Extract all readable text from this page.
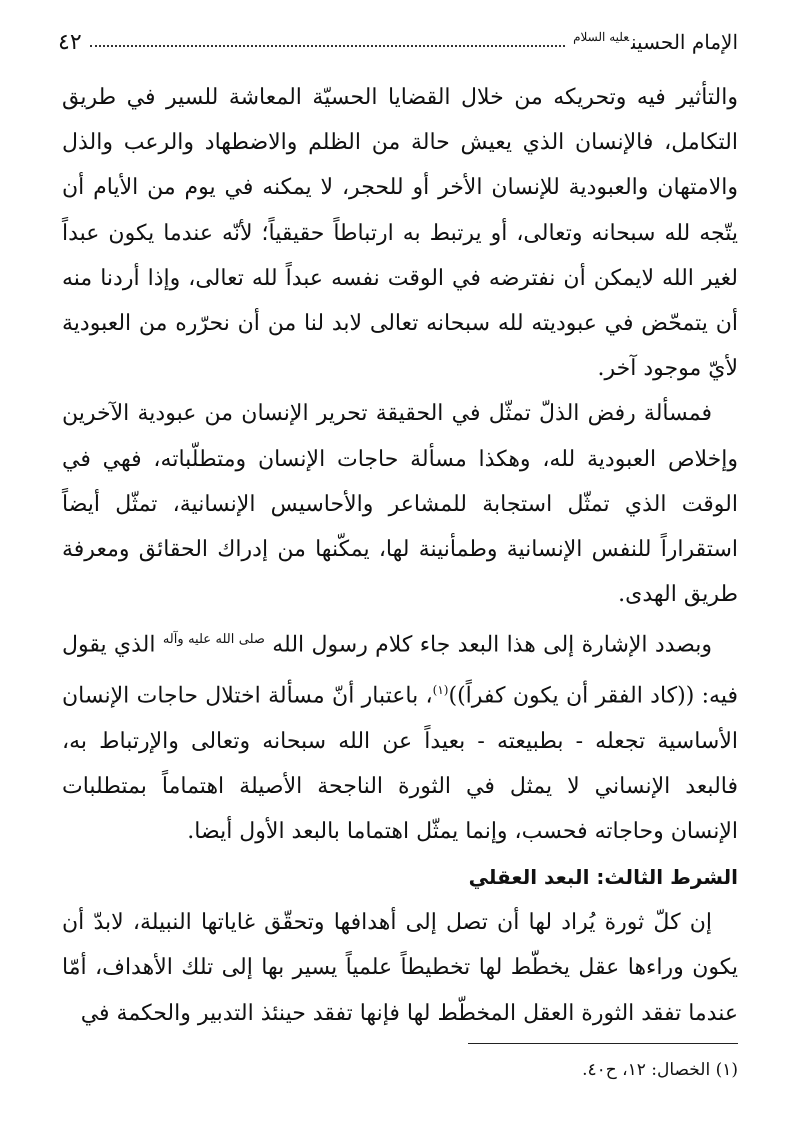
الإمام الحسين$^{عليه السلام}$
٤٢

والتأثير فيه وتحريكه من خلال القضايا الحسيّة المعاشة للسير في طريق التكامل، فالإنسان الذي يعيش حالة من الظلم والاضطهاد والرعب والذل والامتهان والعبودية للإنسان الأخر أو للحجر، لا يمكنه في يوم من الأيام أن يتّجه لله سبحانه وتعالى، أو يرتبط به ارتباطاً حقيقياً؛ لأنّه عندما يكون عبداً لغير الله لايمكن أن نفترضه في الوقت نفسه عبداً لله تعالى، وإذا أردنا منه أن يتمحّض في عبوديته لله سبحانه تعالى لابد لنا من أن نحرّره من العبودية لأيّ موجود آخر.

فمسألة رفض الذلّ تمثّل في الحقيقة تحرير الإنسان من عبودية الآخرين وإخلاص العبودية لله، وهكذا مسألة حاجات الإنسان ومتطلّباته، فهي في الوقت الذي تمثّل استجابة للمشاعر والأحاسيس الإنسانية، تمثّل أيضاً استقراراً للنفس الإنسانية وطمأنينة لها، يمكّنها من إدراك الحقائق ومعرفة طريق الهدى.

وبصدد الإشارة إلى هذا البعد جاء كلام رسول الله $^{صلى الله عليه وآله}$ الذي يقول فيه: ((كاد الفقر أن يكون كفراً))$^{(١)}$، باعتبار أنّ مسألة اختلال حاجات الإنسان الأساسية تجعله - بطبيعته - بعيداً عن الله سبحانه وتعالى والإرتباط به، فالبعد الإنساني لا يمثل في الثورة الناجحة الأصيلة اهتماماً بمتطلبات الإنسان وحاجاته فحسب، وإنما يمثّل اهتماما بالبعد الأول أيضا.

الشرط الثالث: البعد العقلي

إن كلّ ثورة يُراد لها أن تصل إلى أهدافها وتحقّق غاياتها النبيلة، لابدّ أن يكون وراءها عقل يخطّط لها تخطيطاً علمياً يسير بها إلى تلك الأهداف، أمّا عندما تفقد الثورة العقل المخطّط لها فإنها تفقد حينئذ التدبير والحكمة في

(١) الخصال: ١٢، ح٤٠.
